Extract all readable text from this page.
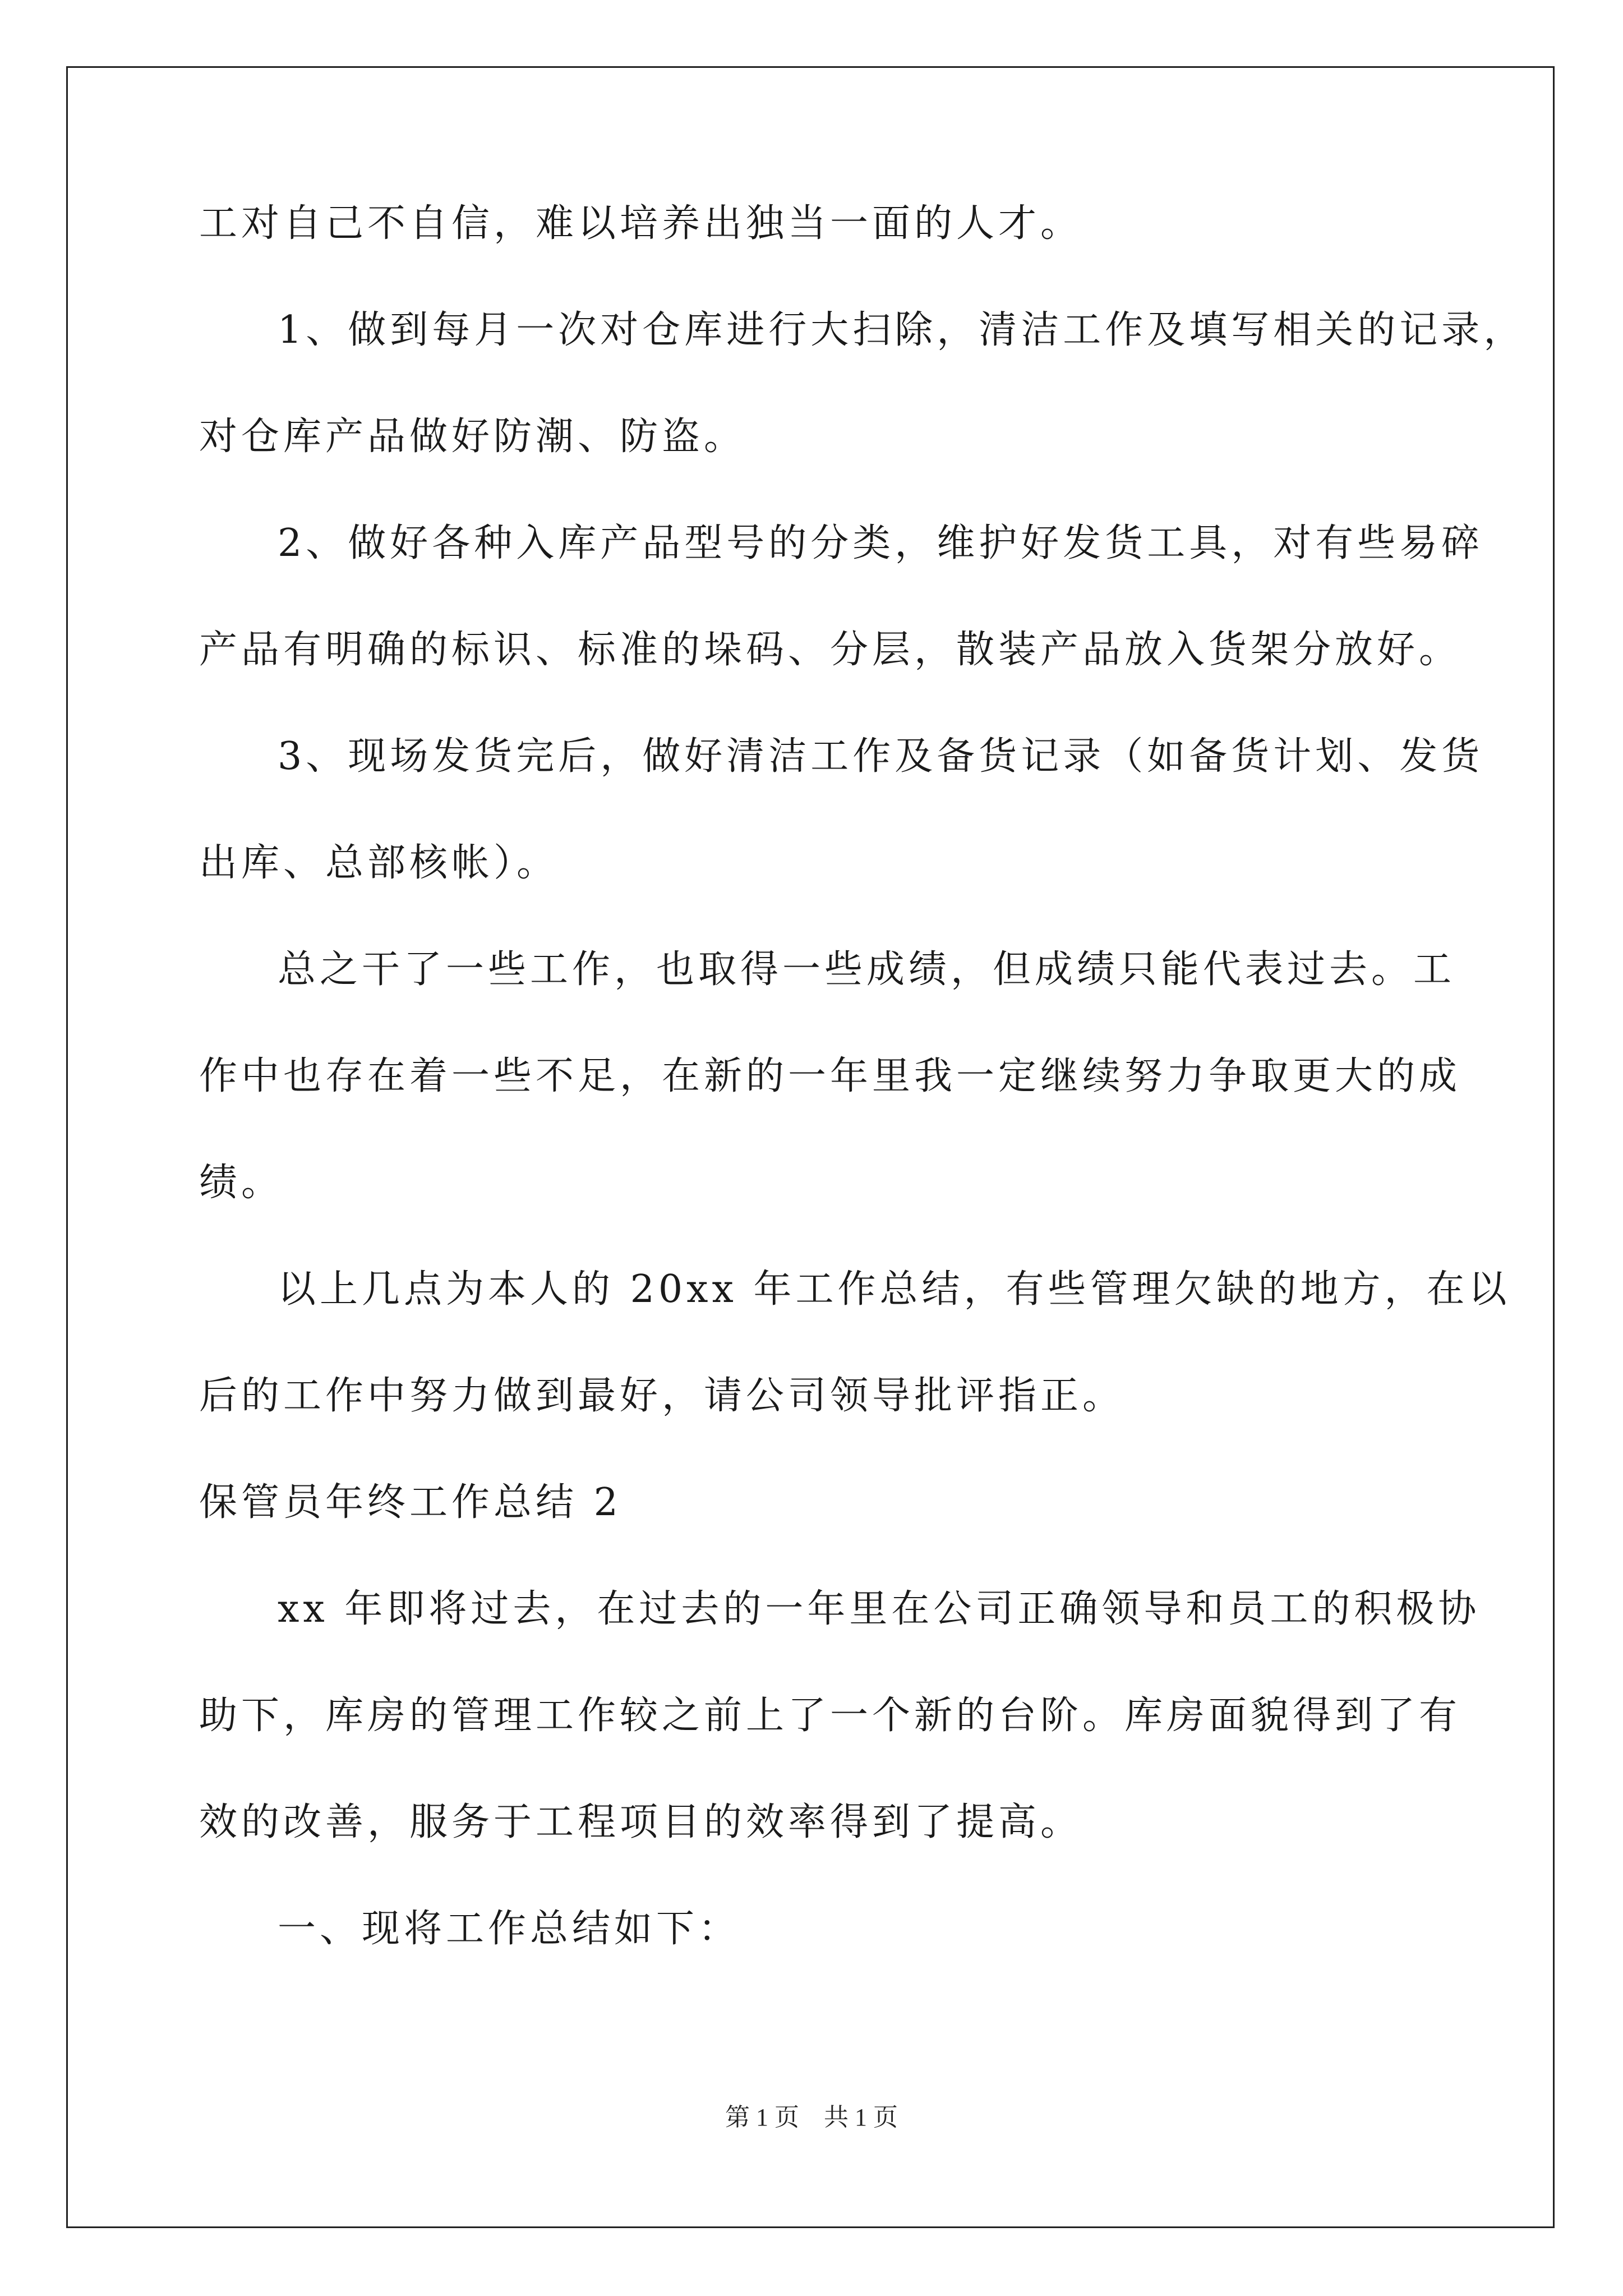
工对自己不自信，难以培养出独当一面的人才。
1、做到每月一次对仓库进行大扫除，清洁工作及填写相关的记录，
对仓库产品做好防潮、防盗。
2、做好各种入库产品型号的分类，维护好发货工具，对有些易碎
产品有明确的标识、标准的垛码、分层，散装产品放入货架分放好。
3、现场发货完后，做好清洁工作及备货记录（如备货计划、发货
出库、总部核帐）。
总之干了一些工作，也取得一些成绩，但成绩只能代表过去。工
作中也存在着一些不足，在新的一年里我一定继续努力争取更大的成
绩。
以上几点为本人的 20xx 年工作总结，有些管理欠缺的地方，在以
后的工作中努力做到最好，请公司领导批评指正。
保管员年终工作总结 2
xx 年即将过去，在过去的一年里在公司正确领导和员工的积极协
助下，库房的管理工作较之前上了一个新的台阶。库房面貌得到了有
效的改善，服务于工程项目的效率得到了提高。
一、现将工作总结如下：
第 1 页 共 1 页
